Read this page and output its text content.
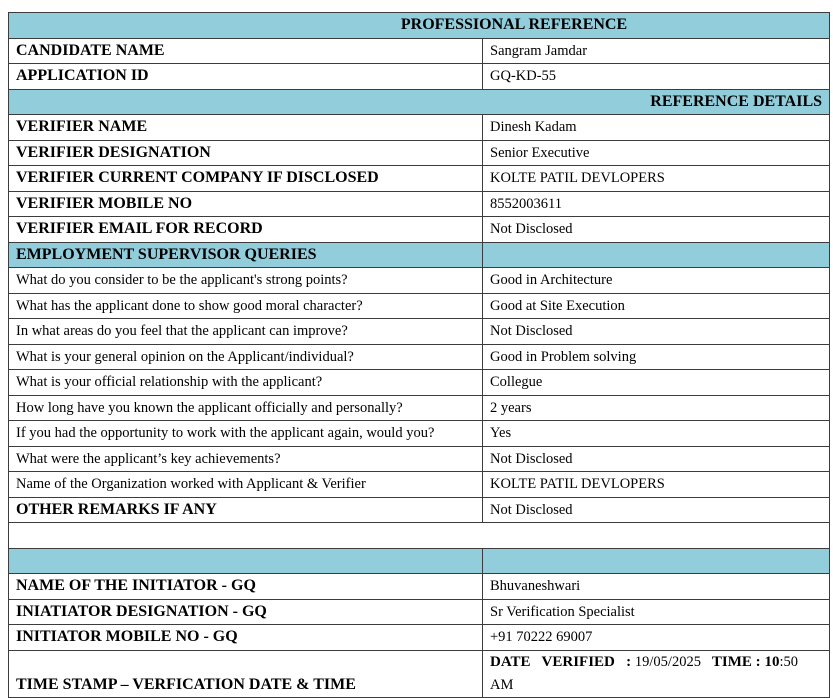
PROFESSIONAL REFERENCE	
CANDIDATE NAME	Sangram Jamdar
APPLICATION ID	GQ-KD-55
REFERENCE DETAILS	
VERIFIER NAME	Dinesh Kadam
VERIFIER DESIGNATION	Senior Executive
VERIFIER CURRENT COMPANY IF DISCLOSED	KOLTE PATIL DEVLOPERS
VERIFIER MOBILE NO	8552003611
VERIFIER EMAIL FOR RECORD	Not Disclosed
EMPLOYMENT SUPERVISOR QUERIES	
What do you consider to be the applicant's strong points?	Good in Architecture
What has the applicant done to show good moral character?	Good at Site Execution
In what areas do you feel that the applicant can improve?	Not Disclosed
What is your general opinion on the Applicant/individual?	Good in Problem solving
What is your official relationship with the applicant?	Collegue
How long have you known the applicant officially and personally?	2 years
If you had the opportunity to work with the applicant again, would you?	Yes
What were the applicant’s key achievements?	Not Disclosed
Name of the Organization worked with Applicant & Verifier	KOLTE PATIL DEVLOPERS
OTHER REMARKS IF ANY	Not Disclosed

NAME OF THE INITIATOR - GQ	Bhuvaneshwari
INIATIATOR DESIGNATION - GQ	Sr Verification Specialist
INITIATOR MOBILE NO - GQ	+91 70222 69007
TIME STAMP – VERFICATION DATE & TIME	DATE   VERIFIED   : 19/05/2025   TIME : 10:50 AM
